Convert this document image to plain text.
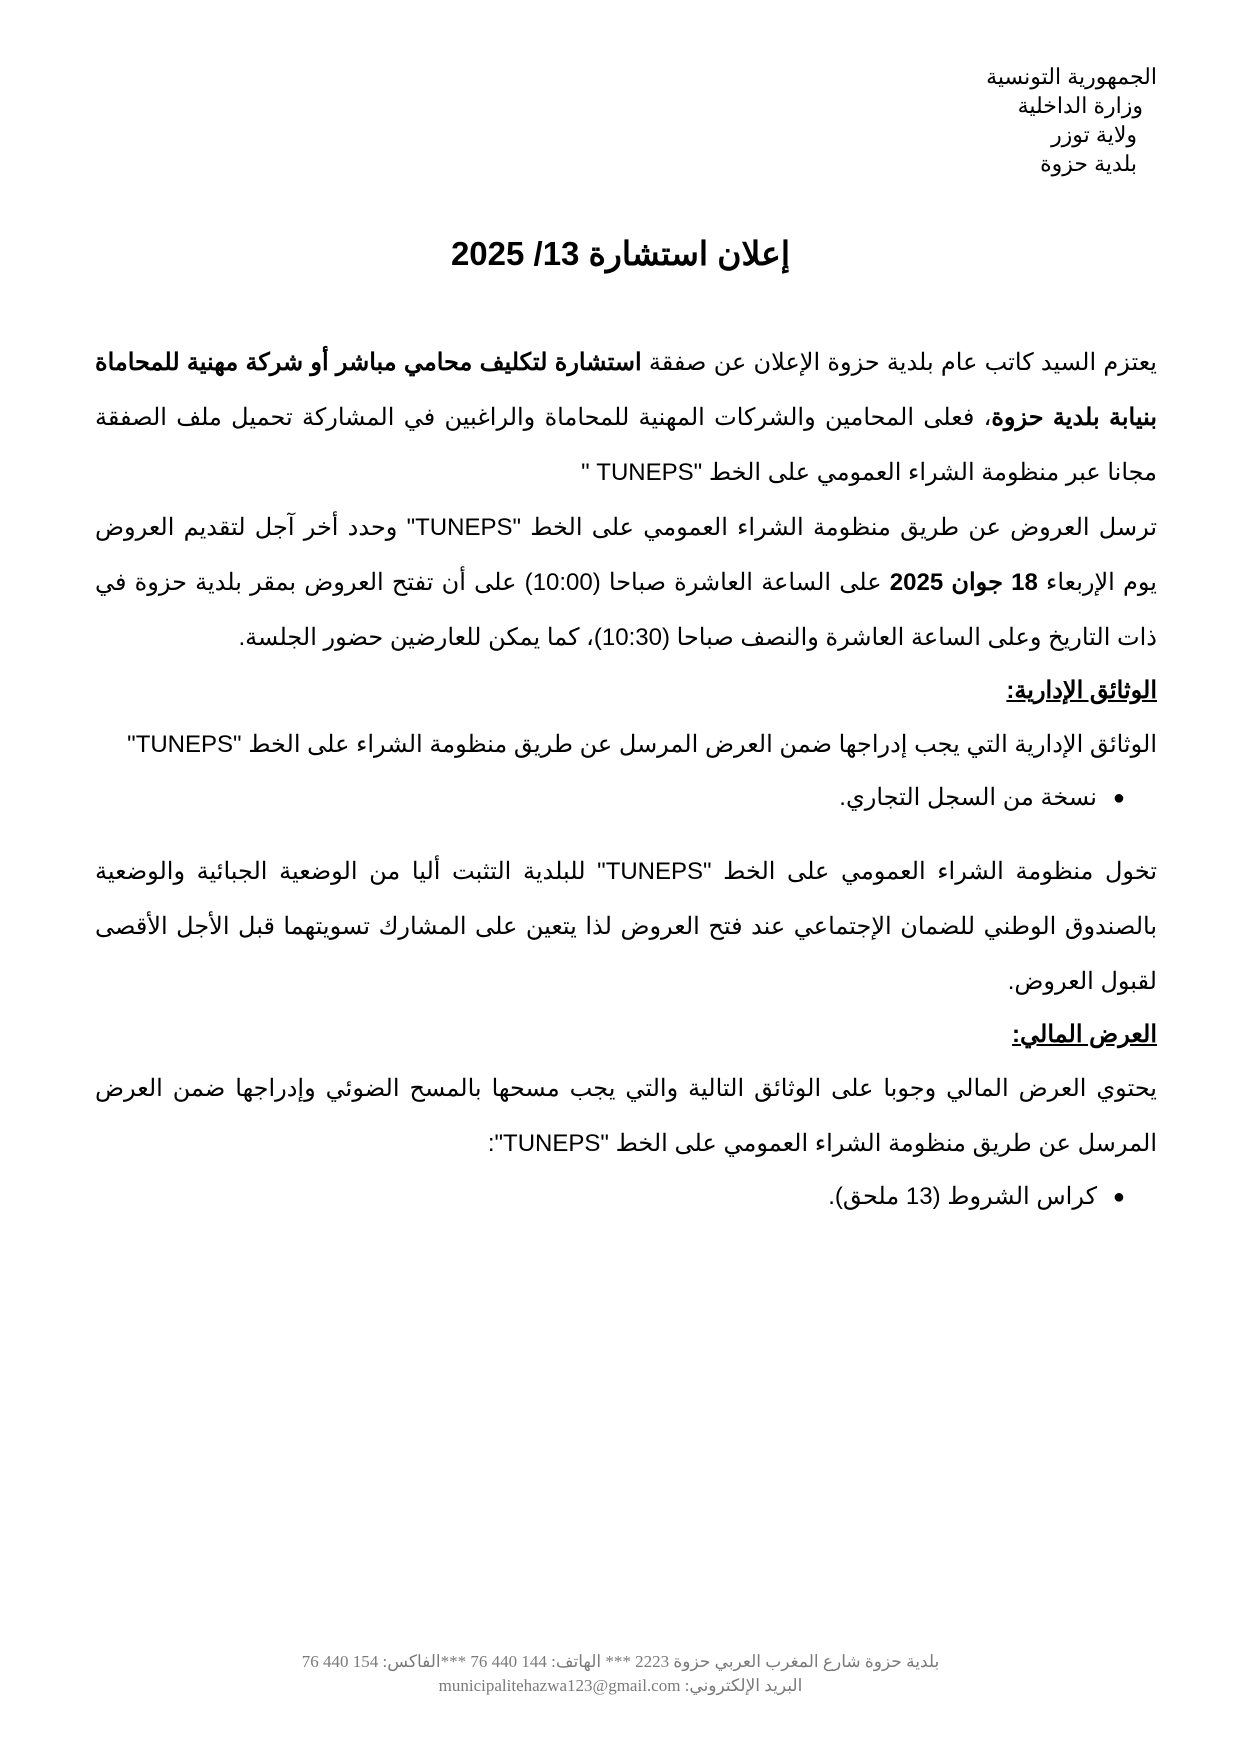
الجمهورية التونسية
وزارة الداخلية
ولاية توزر
بلدية حزوة
إعلان استشارة 13/ 2025

يعتزم السيد كاتب عام بلدية حزوة الإعلان عن صفقة استشارة لتكليف محامي مباشر أو شركة مهنية للمحاماة بنيابة بلدية حزوة، فعلى المحامين والشركات المهنية للمحاماة والراغبين في المشاركة تحميل ملف الصفقة مجانا عبر منظومة الشراء العمومي على الخط "TUNEPS "

ترسل العروض عن طريق منظومة الشراء العمومي على الخط "TUNEPS" وحدد أخر آجل لتقديم العروض يوم الإربعاء 18 جوان 2025 على الساعة العاشرة صباحا (10:00) على أن تفتح العروض بمقر بلدية حزوة في ذات التاريخ وعلى الساعة العاشرة والنصف صباحا (10:30)، كما يمكن للعارضين حضور الجلسة.

الوثائق الإدارية:

الوثائق الإدارية التي يجب إدراجها ضمن العرض المرسل عن طريق منظومة الشراء على الخط "TUNEPS"

●
نسخة من السجل التجاري.

تخول منظومة الشراء العمومي على الخط "TUNEPS" للبلدية التثبت أليا من الوضعية الجبائية والوضعية بالصندوق الوطني للضمان الإجتماعي عند فتح العروض لذا يتعين على المشارك تسويتهما قبل الأجل الأقصى لقبول العروض.

العرض المالي:

يحتوي العرض المالي وجوبا على الوثائق التالية والتي يجب مسحها بالمسح الضوئي وإدراجها ضمن العرض المرسل عن طريق منظومة الشراء العمومي على الخط "TUNEPS":

●
كراس الشروط (13 ملحق).

بلدية حزوة شارع المغرب العربي حزوة 2223 *** الهاتف: 144 440 76 ***الفاكس: 154 440 76
البريد الإلكتروني: municipalitehazwa123@gmail.com
